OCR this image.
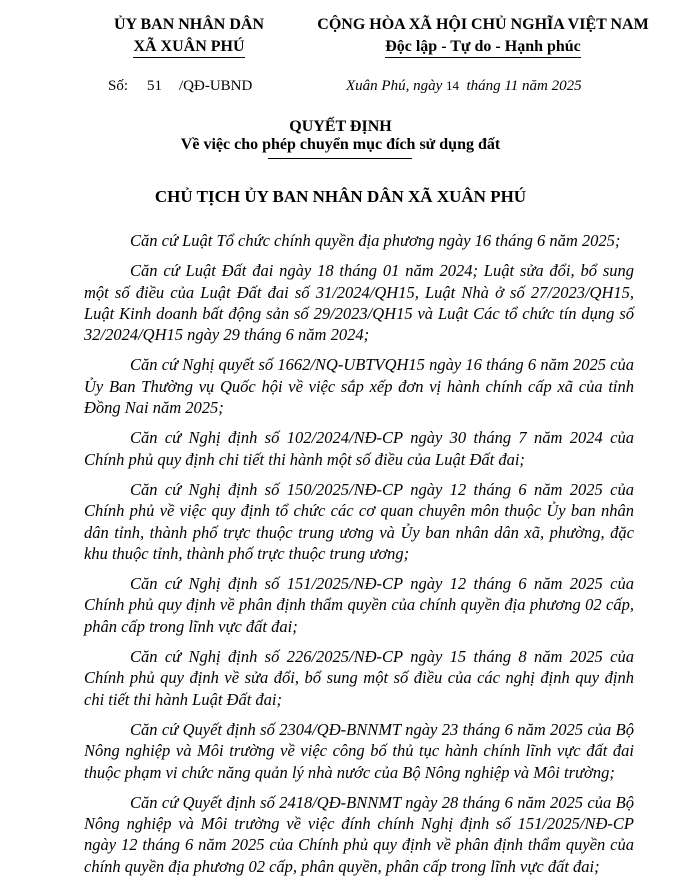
ỦY BAN NHÂN DÂN
XÃ XUÂN PHÚ
CỘNG HÒA XÃ HỘI CHỦ NGHĨA VIỆT NAM
Độc lập - Tự do - Hạnh phúc
Số: 51 /QĐ-UBND	Xuân Phú, ngày 14 tháng 11 năm 2025
QUYẾT ĐỊNH
Về việc cho phép chuyển mục đích sử dụng đất
CHỦ TỊCH ỦY BAN NHÂN DÂN XÃ XUÂN PHÚ

Căn cứ Luật Tổ chức chính quyền địa phương ngày 16 tháng 6 năm 2025;

Căn cứ Luật Đất đai ngày 18 tháng 01 năm 2024; Luật sửa đổi, bổ sung một số điều của Luật Đất đai số 31/2024/QH15, Luật Nhà ở số 27/2023/QH15, Luật Kinh doanh bất động sản số 29/2023/QH15 và Luật Các tổ chức tín dụng số 32/2024/QH15 ngày 29 tháng 6 năm 2024;

Căn cứ Nghị quyết số 1662/NQ-UBTVQH15 ngày 16 tháng 6 năm 2025 của Ủy Ban Thường vụ Quốc hội về việc sắp xếp đơn vị hành chính cấp xã của tỉnh Đồng Nai năm 2025;

Căn cứ Nghị định số 102/2024/NĐ-CP ngày 30 tháng 7 năm 2024 của Chính phủ quy định chi tiết thi hành một số điều của Luật Đất đai;

Căn cứ Nghị định số 150/2025/NĐ-CP ngày 12 tháng 6 năm 2025 của Chính phủ về việc quy định tổ chức các cơ quan chuyên môn thuộc Ủy ban nhân dân tỉnh, thành phố trực thuộc trung ương và Ủy ban nhân dân xã, phường, đặc khu thuộc tỉnh, thành phố trực thuộc trung ương;

Căn cứ Nghị định số 151/2025/NĐ-CP ngày 12 tháng 6 năm 2025 của Chính phủ quy định về phân định thẩm quyền của chính quyền địa phương 02 cấp, phân cấp trong lĩnh vực đất đai;

Căn cứ Nghị định số 226/2025/NĐ-CP ngày 15 tháng 8 năm 2025 của Chính phủ quy định về sửa đổi, bổ sung một số điều của các nghị định quy định chi tiết thi hành Luật Đất đai;

Căn cứ Quyết định số 2304/QĐ-BNNMT ngày 23 tháng 6 năm 2025 của Bộ Nông nghiệp và Môi trường về việc công bố thủ tục hành chính lĩnh vực đất đai thuộc phạm vi chức năng quản lý nhà nước của Bộ Nông nghiệp và Môi trường;

Căn cứ Quyết định số 2418/QĐ-BNNMT ngày 28 tháng 6 năm 2025 của Bộ Nông nghiệp và Môi trường về việc đính chính Nghị định số 151/2025/NĐ-CP ngày 12 tháng 6 năm 2025 của Chính phủ quy định về phân định thẩm quyền của chính quyền địa phương 02 cấp, phân quyền, phân cấp trong lĩnh vực đất đai;
